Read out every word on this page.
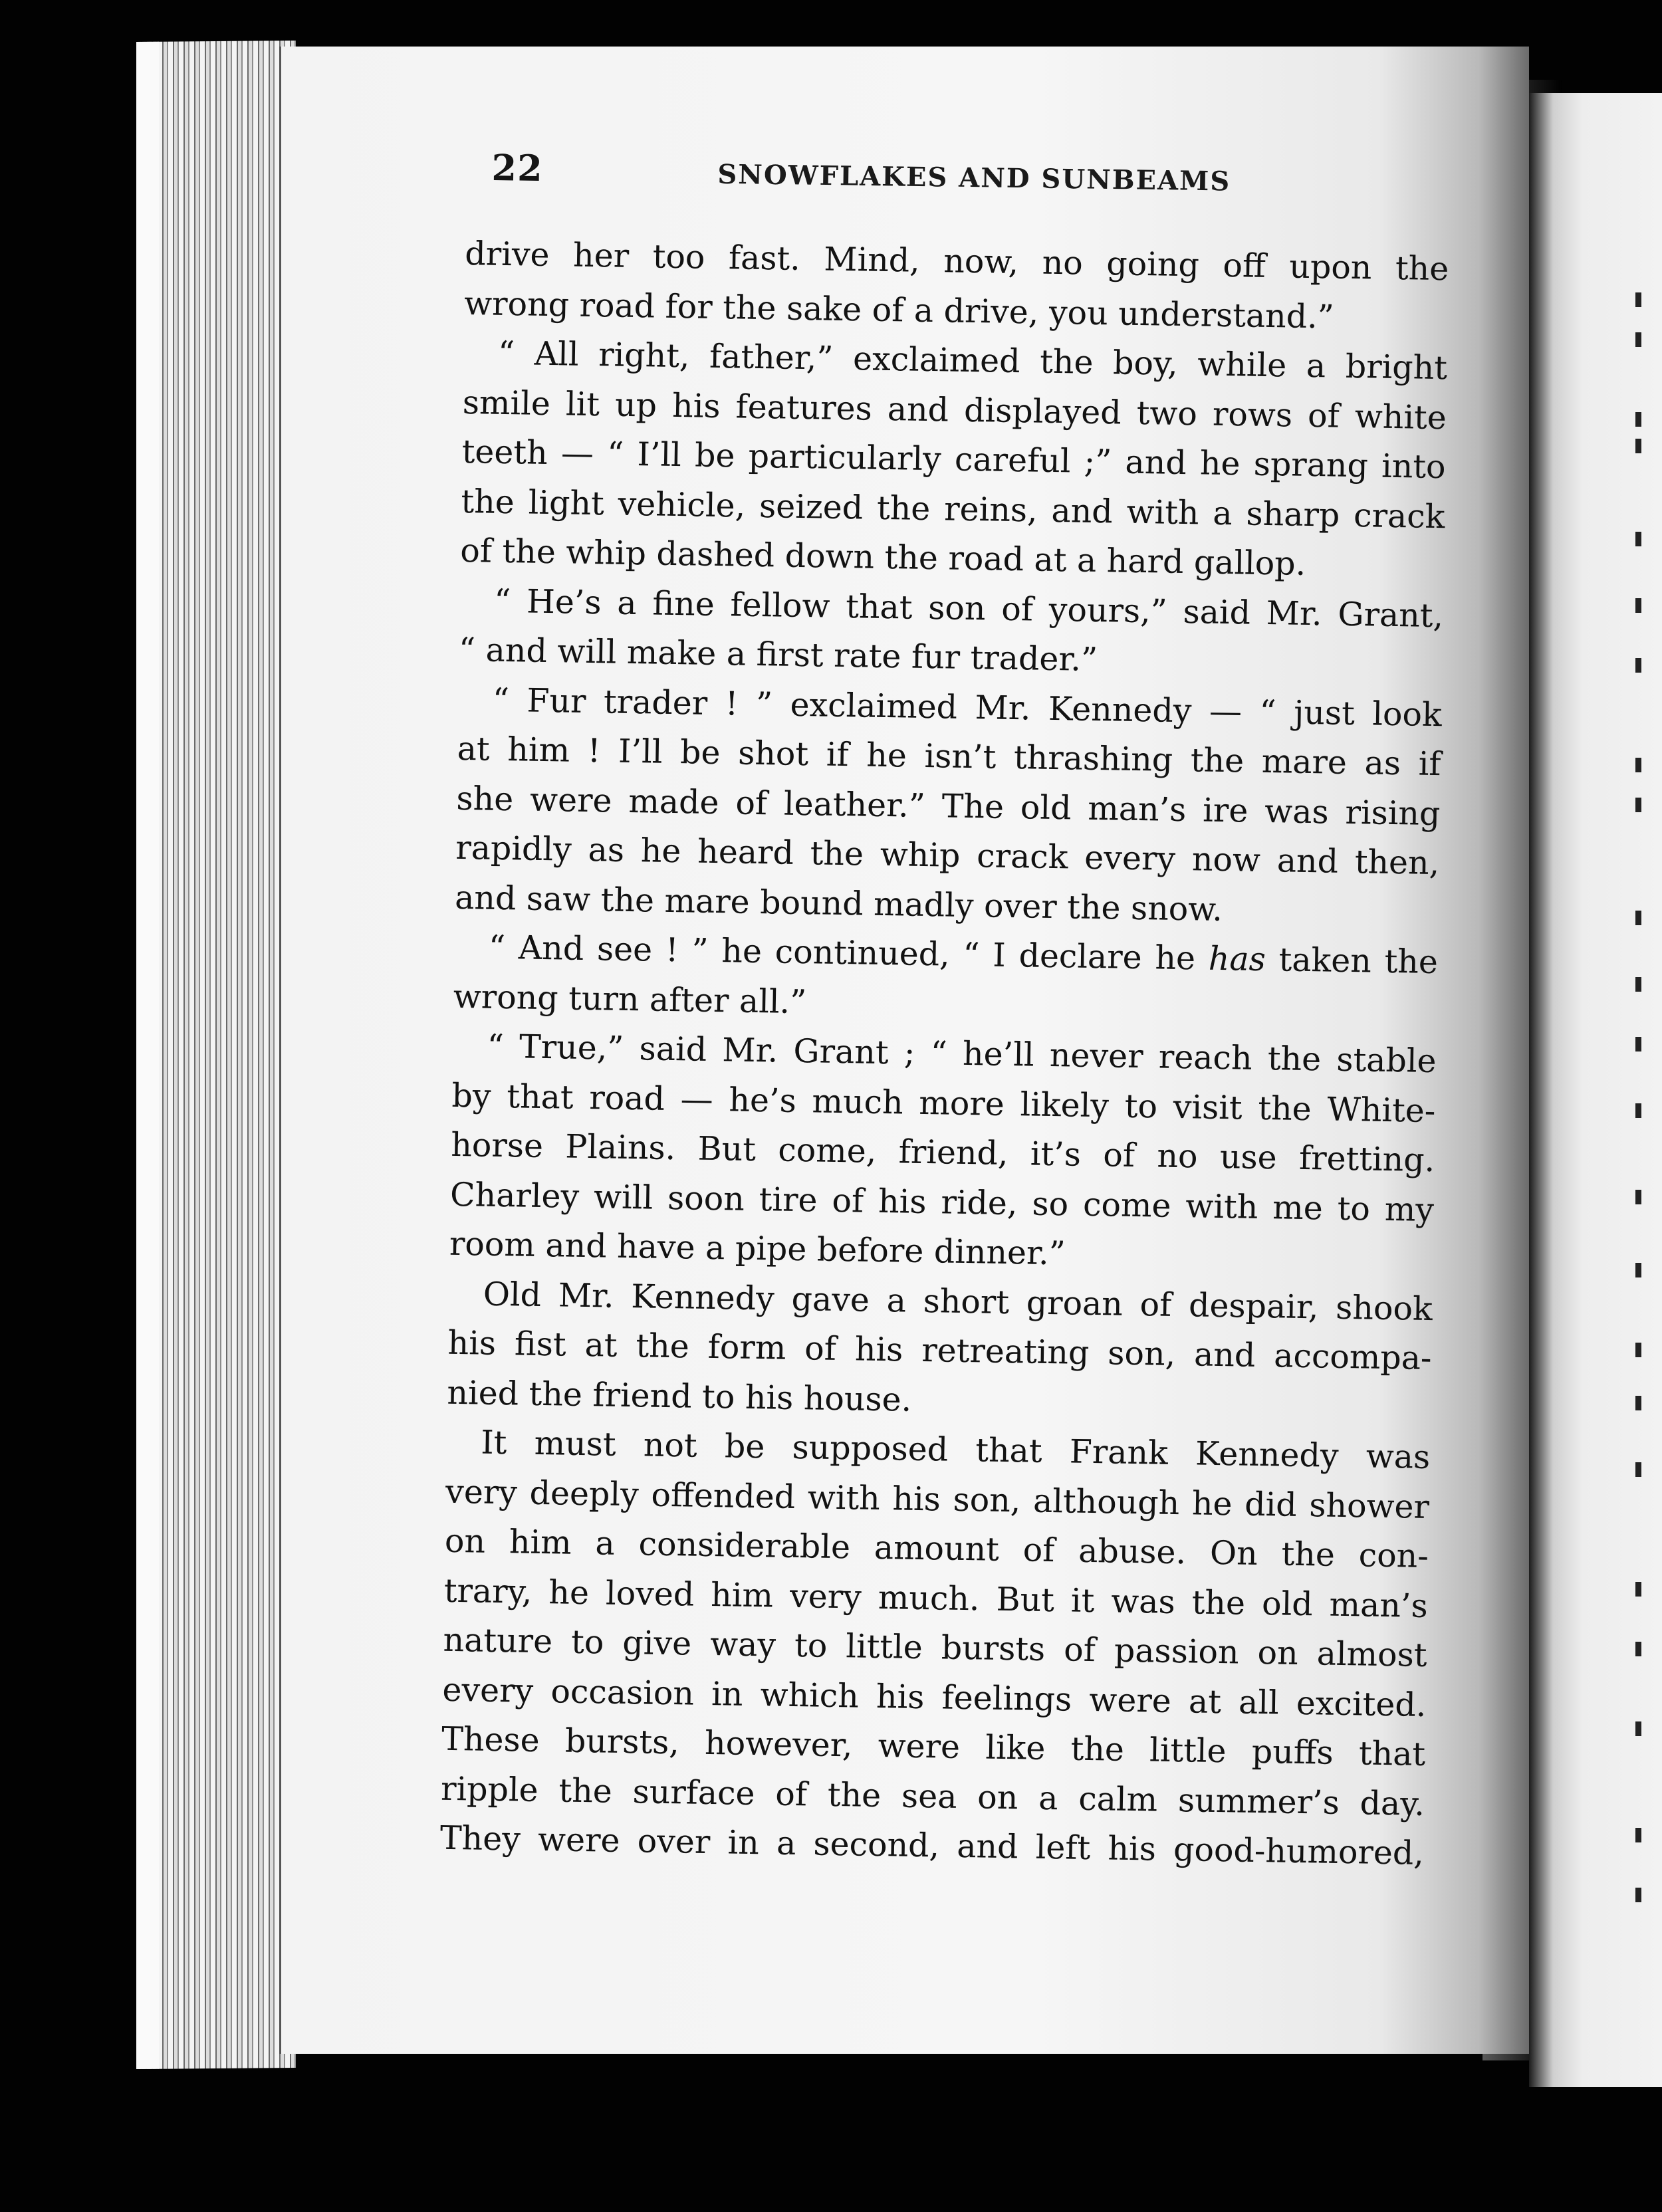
22	SNOWFLAKES AND SUNBEAMS
drive her too fast. Mind, now, no going off upon the
wrong road for the sake of a drive, you understand.”
“ All right, father,” exclaimed the boy, while a bright
smile lit up his features and displayed two rows of white
teeth — “ I’ll be particularly careful ;” and he sprang into
the light vehicle, seized the reins, and with a sharp crack
of the whip dashed down the road at a hard gallop.
“ He’s a fine fellow that son of yours,” said Mr. Grant,
“ and will make a first rate fur trader.”
“ Fur trader ! ” exclaimed Mr. Kennedy — “ just look
at him ! I’ll be shot if he isn’t thrashing the mare as if
she were made of leather.” The old man’s ire was rising
rapidly as he heard the whip crack every now and then,
and saw the mare bound madly over the snow.
“ And see ! ” he continued, “ I declare he has taken the
wrong turn after all.”
“ True,” said Mr. Grant ; “ he’ll never reach the stable
by that road — he’s much more likely to visit the White-
horse Plains. But come, friend, it’s of no use fretting.
Charley will soon tire of his ride, so come with me to my
room and have a pipe before dinner.”
Old Mr. Kennedy gave a short groan of despair, shook
his fist at the form of his retreating son, and accompa-
nied the friend to his house.
It must not be supposed that Frank Kennedy was
very deeply offended with his son, although he did shower
on him a considerable amount of abuse. On the con-
trary, he loved him very much. But it was the old man’s
nature to give way to little bursts of passion on almost
every occasion in which his feelings were at all excited.
These bursts, however, were like the little puffs that
ripple the surface of the sea on a calm summer’s day.
They were over in a second, and left his good-humored,
